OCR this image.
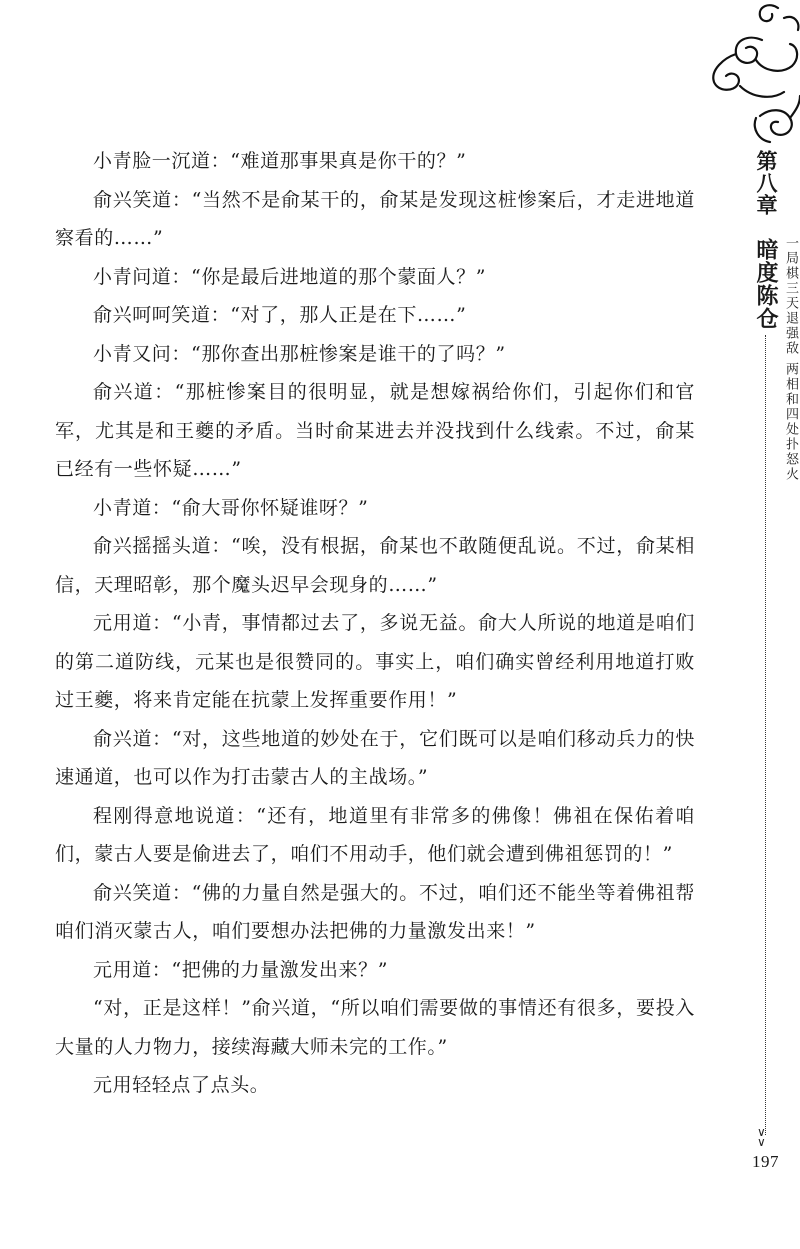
第八章
暗度陈仓 一局棋三天退强敌 两相和四处扑怒火
∨
∨
197

小青脸一沉道：“难道那事果真是你干的？”

俞兴笑道：“当然不是俞某干的，俞某是发现这桩惨案后，才走进地道察看的……”

小青问道：“你是最后进地道的那个蒙面人？”

俞兴呵呵笑道：“对了，那人正是在下……”

小青又问：“那你查出那桩惨案是谁干的了吗？”

俞兴道：“那桩惨案目的很明显，就是想嫁祸给你们，引起你们和官军，尤其是和王夔的矛盾。当时俞某进去并没找到什么线索。不过，俞某已经有一些怀疑……”

小青道：“俞大哥你怀疑谁呀？”

俞兴摇摇头道：“唉，没有根据，俞某也不敢随便乱说。不过，俞某相信，天理昭彰，那个魔头迟早会现身的……”

元用道：“小青，事情都过去了，多说无益。俞大人所说的地道是咱们的第二道防线，元某也是很赞同的。事实上，咱们确实曾经利用地道打败过王夔，将来肯定能在抗蒙上发挥重要作用！”

俞兴道：“对，这些地道的妙处在于，它们既可以是咱们移动兵力的快速通道，也可以作为打击蒙古人的主战场。”

程刚得意地说道：“还有，地道里有非常多的佛像！佛祖在保佑着咱们，蒙古人要是偷进去了，咱们不用动手，他们就会遭到佛祖惩罚的！”

俞兴笑道：“佛的力量自然是强大的。不过，咱们还不能坐等着佛祖帮咱们消灭蒙古人，咱们要想办法把佛的力量激发出来！”

元用道：“把佛的力量激发出来？”

“对，正是这样！”俞兴道，“所以咱们需要做的事情还有很多，要投入大量的人力物力，接续海藏大师未完的工作。”

元用轻轻点了点头。
